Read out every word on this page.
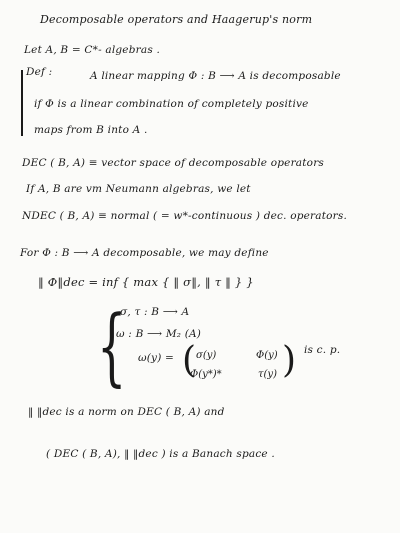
Decomposable operators and Haagerup's norm
Let A, B = C*- algebras .
Def :	A linear mapping Φ : B ⟶ A is decomposable
if Φ is a linear combination of completely positive
maps from B into A .
DEC ( B, A) ≡ vector space of decomposable operators
If A, B are vm Neumann algebras, we let
NDEC ( B, A) ≡ normal ( = w*-continuous ) dec. operators.
For Φ : B ⟶ A decomposable, we may define
‖ Φ‖dec = inf { max { ‖ σ‖, ‖ τ ‖ } }
{
σ, τ : B ⟶ A
ω : B ⟶ M₂ (A)
ω(y) = ( σ(y)	Φ(y)
Φ(y*)*	τ(y) ) is c. p.
‖ ‖dec is a norm on DEC ( B, A) and
( DEC ( B, A), ‖ ‖dec ) is a Banach space .
